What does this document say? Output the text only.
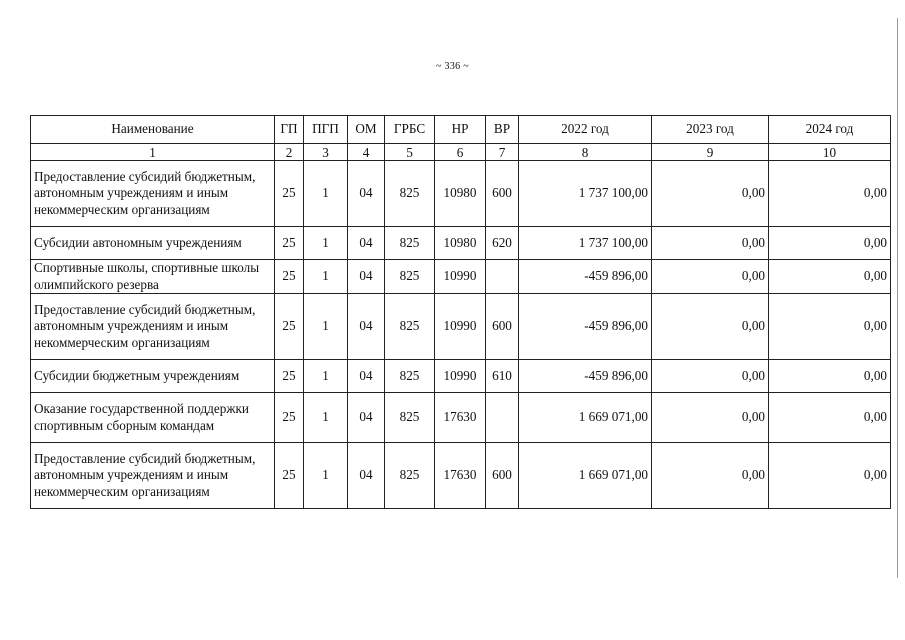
~ 336 ~
Наименование	ГП	ПГП	ОМ	ГРБС	НР	ВР	2022 год	2023 год	2024 год
1	2	3	4	5	6	7	8	9	10
Предоставление субсидий бюджетным, автономным учреждениям и иным некоммерческим организациям	25	1	04	825	10980	600	1 737 100,00	0,00	0,00
Субсидии автономным учреждениям	25	1	04	825	10980	620	1 737 100,00	0,00	0,00
Спортивные школы, спортивные школы олимпийского резерва	25	1	04	825	10990		-459 896,00	0,00	0,00
Предоставление субсидий бюджетным, автономным учреждениям и иным некоммерческим организациям	25	1	04	825	10990	600	-459 896,00	0,00	0,00
Субсидии бюджетным учреждениям	25	1	04	825	10990	610	-459 896,00	0,00	0,00
Оказание государственной поддержки спортивным сборным командам	25	1	04	825	17630		1 669 071,00	0,00	0,00
Предоставление субсидий бюджетным, автономным учреждениям и иным некоммерческим организациям	25	1	04	825	17630	600	1 669 071,00	0,00	0,00
